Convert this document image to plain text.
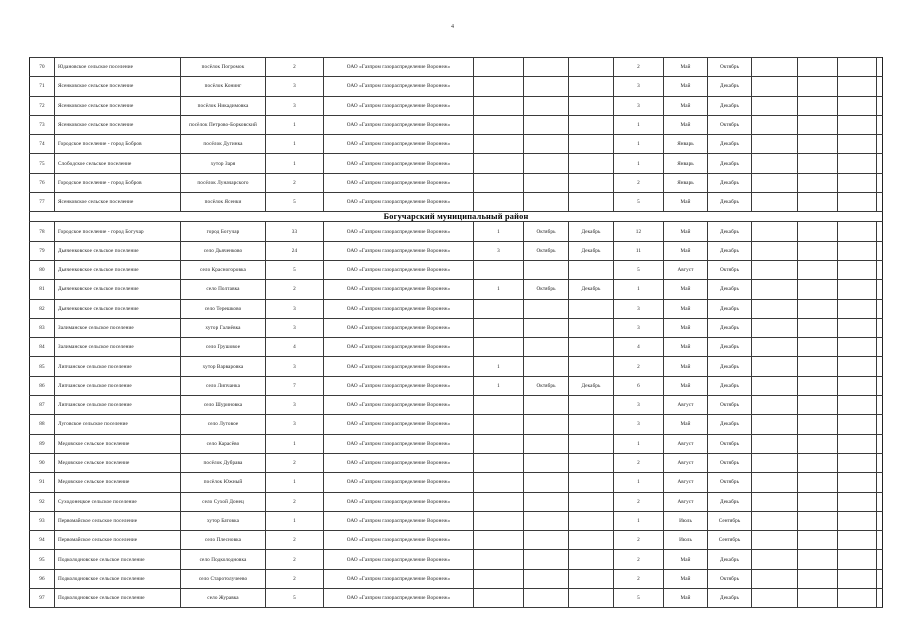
4
70	Юдановское сельское поселение	посёлок Погромок	2	ОАО «Газпром газораспределение Воронеж»				2	Май	Октябрь				
71	Ясенковское сельское поселение	посёлок Конинг	3	ОАО «Газпром газораспределение Воронеж»				3	Май	Декабрь				
72	Ясенковское сельское поселение	посёлок Никадимовка	3	ОАО «Газпром газораспределение Воронеж»				3	Май	Декабрь				
73	Ясенковское сельское поселение	посёлок Петрово-Борковский	1	ОАО «Газпром газораспределение Воронеж»				1	Май	Октябрь				
74	Городское поселение - город Бобров	посёлок Дугинка	1	ОАО «Газпром газораспределение Воронеж»				1	Январь	Декабрь				
75	Слободское сельское поселение	хутор Заря	1	ОАО «Газпром газораспределение Воронеж»				1	Январь	Декабрь				
76	Городское поселение - город Бобров	посёлок Луначарского	2	ОАО «Газпром газораспределение Воронеж»				2	Январь	Декабрь				
77	Ясенковское сельское поселение	посёлок Ясенки	5	ОАО «Газпром газораспределение Воронеж»				5	Май	Декабрь				
Богучарский муниципальный район														
78	Городское поселение - город Богучар	город Богучар	33	ОАО «Газпром газораспределение Воронеж»	1	Октябрь	Декабрь	12	Май	Декабрь				
79	Дьяченковское сельское поселение	село Дьяченково	24	ОАО «Газпром газораспределение Воронеж»	3	Октябрь	Декабрь	11	Май	Декабрь				
80	Дьяченковское сельское поселение	село Красногоровка	5	ОАО «Газпром газораспределение Воронеж»				5	Август	Октябрь				
81	Дьяченковское сельское поселение	село Полтавка	2	ОАО «Газпром газораспределение Воронеж»	1	Октябрь	Декабрь	1	Май	Декабрь				
82	Дьяченковское сельское поселение	село Терешково	3	ОАО «Газпром газораспределение Воронеж»				3	Май	Декабрь				
83	Залиманское сельское поселение	хутор Галиёвка	3	ОАО «Газпром газораспределение Воронеж»				3	Май	Декабрь				
84	Залиманское сельское поселение	село Грушовое	4	ОАО «Газпром газораспределение Воронеж»				4	Май	Декабрь				
85	Липчанское сельское поселение	хутор Варваровка	3	ОАО «Газпром газораспределение Воронеж»	1			2	Май	Декабрь				
86	Липчанское сельское поселение	село Липчанка	7	ОАО «Газпром газораспределение Воронеж»	1	Октябрь	Декабрь	6	Май	Декабрь				
87	Липчанское сельское поселение	село Шуриновка	3	ОАО «Газпром газораспределение Воронеж»				3	Август	Октябрь				
88	Луговское сельское поселение	село Лутовое	3	ОАО «Газпром газораспределение Воронеж»				3	Май	Декабрь				
89	Медовское сельское поселение	село Карасёво	1	ОАО «Газпром газораспределение Воронеж»				1	Август	Октябрь				
90	Медовское сельское поселение	посёлок Дубрава	2	ОАО «Газпром газораспределение Воронеж»				2	Август	Октябрь				
91	Медовское сельское поселение	посёлок Южный	1	ОАО «Газпром газораспределение Воронеж»				1	Август	Октябрь				
92	Суходонецкое сельское поселение	село Сухой Донец	2	ОАО «Газпром газораспределение Воронеж»				2	Август	Декабрь				
93	Первомайское сельское поселение	хутор Батовка	1	ОАО «Газпром газораспределение Воронеж»				1	Июль	Сентябрь				
94	Первомайское сельское поселение	село Плесновка	2	ОАО «Газпром газораспределение Воронеж»				2	Июль	Сентябрь				
95	Подколодновское сельское поселение	село Подколодновка	2	ОАО «Газпром газораспределение Воронеж»				2	Май	Декабрь				
96	Подколодновское сельское поселение	село Старотолучеево	2	ОАО «Газпром газораспределение Воронеж»				2	Май	Октябрь				
97	Подколодновское сельское поселение	село Журавка	5	ОАО «Газпром газораспределение Воронеж»				5	Май	Декабрь				
